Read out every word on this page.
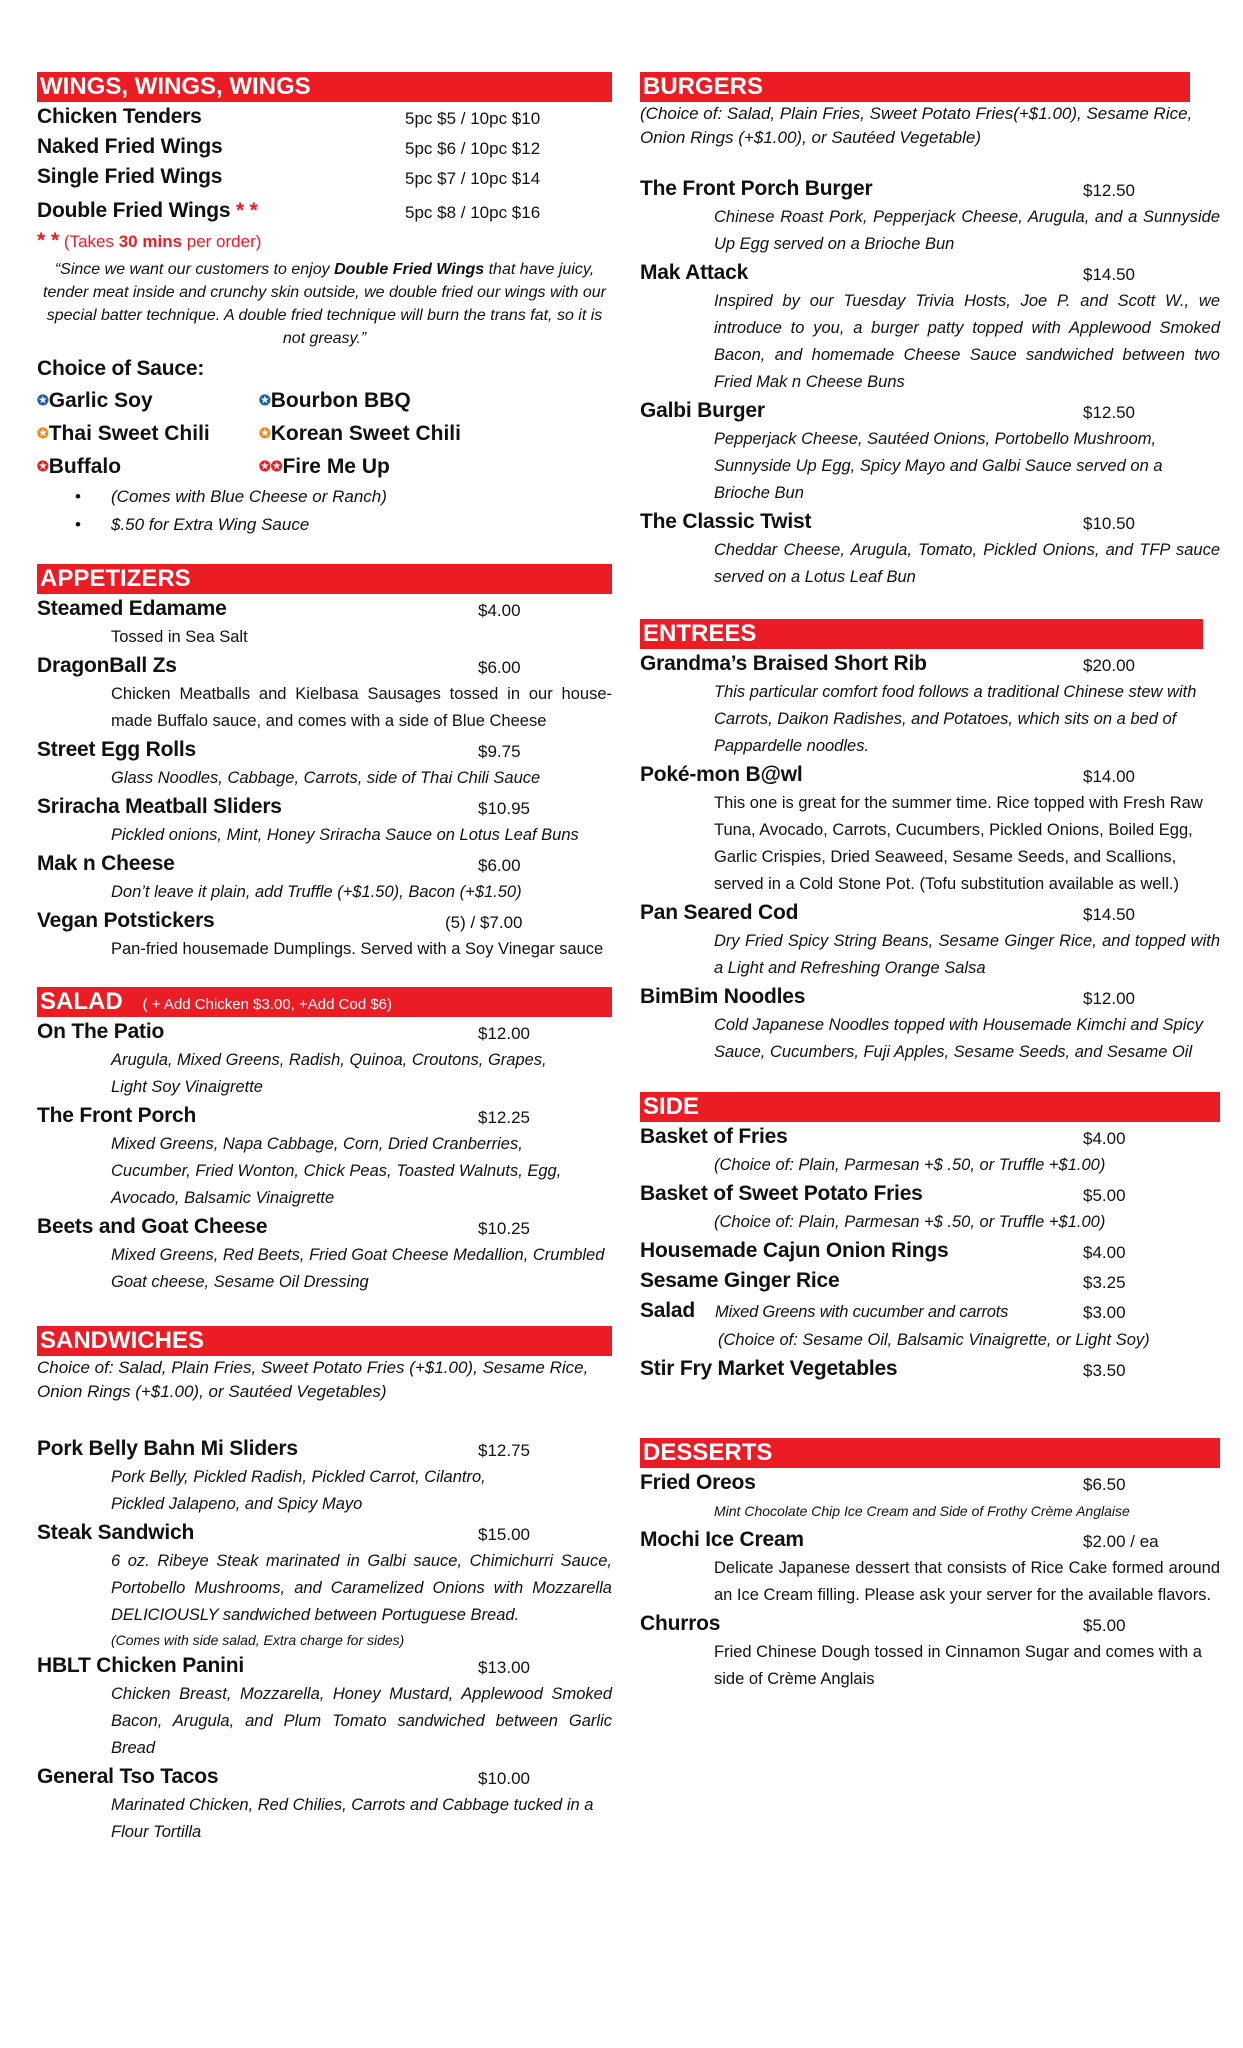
WINGS, WINGS, WINGS
Chicken Tenders	5pc $5 / 10pc $10
Naked Fried Wings	5pc $6 / 10pc $12
Single Fried Wings	5pc $7 / 10pc $14
Double Fried Wings * *	5pc $8 / 10pc $16
* * (Takes 30 mins per order)
“Since we want our customers to enjoy Double Fried Wings that have juicy, tender meat inside and crunchy skin outside, we double fried our wings with our special batter technique. A double fried technique will burn the trans fat, so it is not greasy.”
Choice of Sauce:
✪Garlic Soy	✪Bourbon BBQ
✪Thai Sweet Chili	✪Korean Sweet Chili
✪Buffalo	✪✪Fire Me Up
• (Comes with Blue Cheese or Ranch)
• $.50 for Extra Wing Sauce
APPETIZERS
Steamed Edamame	$4.00
Tossed in Sea Salt
DragonBall Zs	$6.00
Chicken Meatballs and Kielbasa Sausages tossed in our house-made Buffalo sauce, and comes with a side of Blue Cheese
Street Egg Rolls	$9.75
Glass Noodles, Cabbage, Carrots, side of Thai Chili Sauce
Sriracha Meatball Sliders	$10.95
Pickled onions, Mint, Honey Sriracha Sauce on Lotus Leaf Buns
Mak n Cheese	$6.00
Don’t leave it plain, add Truffle (+$1.50), Bacon (+$1.50)
Vegan Potstickers	(5) / $7.00
Pan-fried housemade Dumplings. Served with a Soy Vinegar sauce
SALAD ( + Add Chicken $3.00, +Add Cod $6)
On The Patio	$12.00
Arugula, Mixed Greens, Radish, Quinoa, Croutons, Grapes, Light Soy Vinaigrette
The Front Porch	$12.25
Mixed Greens, Napa Cabbage, Corn, Dried Cranberries, Cucumber, Fried Wonton, Chick Peas, Toasted Walnuts, Egg, Avocado, Balsamic Vinaigrette
Beets and Goat Cheese	$10.25
Mixed Greens, Red Beets, Fried Goat Cheese Medallion, Crumbled Goat cheese, Sesame Oil Dressing
SANDWICHES
Choice of: Salad, Plain Fries, Sweet Potato Fries (+$1.00), Sesame Rice, Onion Rings (+$1.00), or Sautéed Vegetables)
Pork Belly Bahn Mi Sliders	$12.75
Pork Belly, Pickled Radish, Pickled Carrot, Cilantro, Pickled Jalapeno, and Spicy Mayo
Steak Sandwich	$15.00
6 oz. Ribeye Steak marinated in Galbi sauce, Chimichurri Sauce, Portobello Mushrooms, and Caramelized Onions with Mozzarella DELICIOUSLY sandwiched between Portuguese Bread.
(Comes with side salad, Extra charge for sides)
HBLT Chicken Panini	$13.00
Chicken Breast, Mozzarella, Honey Mustard, Applewood Smoked Bacon, Arugula, and Plum Tomato sandwiched between Garlic Bread
General Tso Tacos	$10.00
Marinated Chicken, Red Chilies, Carrots and Cabbage tucked in a Flour Tortilla
BURGERS
(Choice of: Salad, Plain Fries, Sweet Potato Fries(+$1.00), Sesame Rice, Onion Rings (+$1.00), or Sautéed Vegetable)
The Front Porch Burger	$12.50
Chinese Roast Pork, Pepperjack Cheese, Arugula, and a Sunnyside Up Egg served on a Brioche Bun
Mak Attack	$14.50
Inspired by our Tuesday Trivia Hosts, Joe P. and Scott W., we introduce to you, a burger patty topped with Applewood Smoked Bacon, and homemade Cheese Sauce sandwiched between two Fried Mak n Cheese Buns
Galbi Burger	$12.50
Pepperjack Cheese, Sautéed Onions, Portobello Mushroom, Sunnyside Up Egg, Spicy Mayo and Galbi Sauce served on a Brioche Bun
The Classic Twist	$10.50
Cheddar Cheese, Arugula, Tomato, Pickled Onions, and TFP sauce served on a Lotus Leaf Bun
ENTREES
Grandma’s Braised Short Rib	$20.00
This particular comfort food follows a traditional Chinese stew with Carrots, Daikon Radishes, and Potatoes, which sits on a bed of Pappardelle noodles.
Poké-mon B@wl	$14.00
This one is great for the summer time. Rice topped with Fresh Raw Tuna, Avocado, Carrots, Cucumbers, Pickled Onions, Boiled Egg, Garlic Crispies, Dried Seaweed, Sesame Seeds, and Scallions, served in a Cold Stone Pot. (Tofu substitution available as well.)
Pan Seared Cod	$14.50
Dry Fried Spicy String Beans, Sesame Ginger Rice, and topped with a Light and Refreshing Orange Salsa
BimBim Noodles	$12.00
Cold Japanese Noodles topped with Housemade Kimchi and Spicy Sauce, Cucumbers, Fuji Apples, Sesame Seeds, and Sesame Oil
SIDE
Basket of Fries	$4.00
(Choice of: Plain, Parmesan +$ .50, or Truffle +$1.00)
Basket of Sweet Potato Fries	$5.00
(Choice of: Plain, Parmesan +$ .50, or Truffle +$1.00)
Housemade Cajun Onion Rings	$4.00
Sesame Ginger Rice	$3.25
Salad Mixed Greens with cucumber and carrots	$3.00
(Choice of: Sesame Oil, Balsamic Vinaigrette, or Light Soy)
Stir Fry Market Vegetables	$3.50
DESSERTS
Fried Oreos	$6.50
Mint Chocolate Chip Ice Cream and Side of Frothy Crème Anglaise
Mochi Ice Cream	$2.00 / ea
Delicate Japanese dessert that consists of Rice Cake formed around an Ice Cream filling. Please ask your server for the available flavors.
Churros	$5.00
Fried Chinese Dough tossed in Cinnamon Sugar and comes with a side of Crème Anglais
